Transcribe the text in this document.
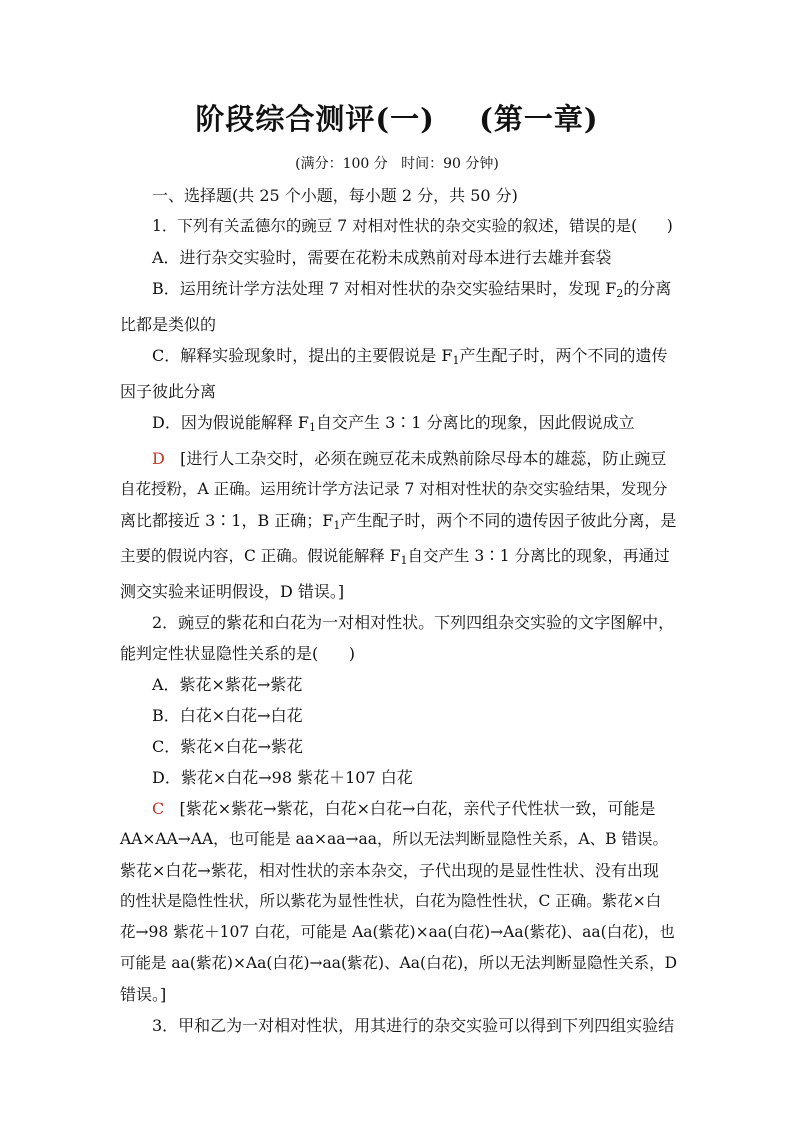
阶段综合测评(一)    (第一章)
(满分：100 分   时间：90 分钟)
一、选择题(共 25 个小题，每小题 2 分，共 50 分)
1．下列有关孟德尔的豌豆 7 对相对性状的杂交实验的叙述，错误的是(      )
A．进行杂交实验时，需要在花粉未成熟前对母本进行去雄并套袋
B．运用统计学方法处理 7 对相对性状的杂交实验结果时，发现 $F_2$的分离
比都是类似的
C．解释实验现象时，提出的主要假说是 $F_1$产生配子时，两个不同的遗传
因子彼此分离
D．因为假说能解释 $F_1$自交产生 3∶1 分离比的现象，因此假说成立
D [进行人工杂交时，必须在豌豆花未成熟前除尽母本的雄蕊，防止豌豆
自花授粉，A 正确。运用统计学方法记录 7 对相对性状的杂交实验结果，发现分
离比都接近 3∶1，B 正确；$F_1$产生配子时，两个不同的遗传因子彼此分离，是
主要的假说内容，C 正确。假说能解释 $F_1$自交产生 3∶1 分离比的现象，再通过
测交实验来证明假设，D 错误。]
2．豌豆的紫花和白花为一对相对性状。下列四组杂交实验的文字图解中，
能判定性状显隐性关系的是(      )
A．紫花×紫花→紫花
B．白花×白花→白花
C．紫花×白花→紫花
D．紫花×白花→98 紫花＋107 白花
C [紫花×紫花→紫花，白花×白花→白花，亲代子代性状一致，可能是
AA×AA→AA，也可能是 aa×aa→aa，所以无法判断显隐性关系，A、B 错误。
紫花×白花→紫花，相对性状的亲本杂交，子代出现的是显性性状、没有出现
的性状是隐性性状，所以紫花为显性性状，白花为隐性性状，C 正确。紫花×白
花→98 紫花＋107 白花，可能是 Aa(紫花)×aa(白花)→Aa(紫花)、aa(白花)，也
可能是 aa(紫花)×Aa(白花)→aa(紫花)、Aa(白花)，所以无法判断显隐性关系，D
错误。]
3．甲和乙为一对相对性状，用其进行的杂交实验可以得到下列四组实验结
